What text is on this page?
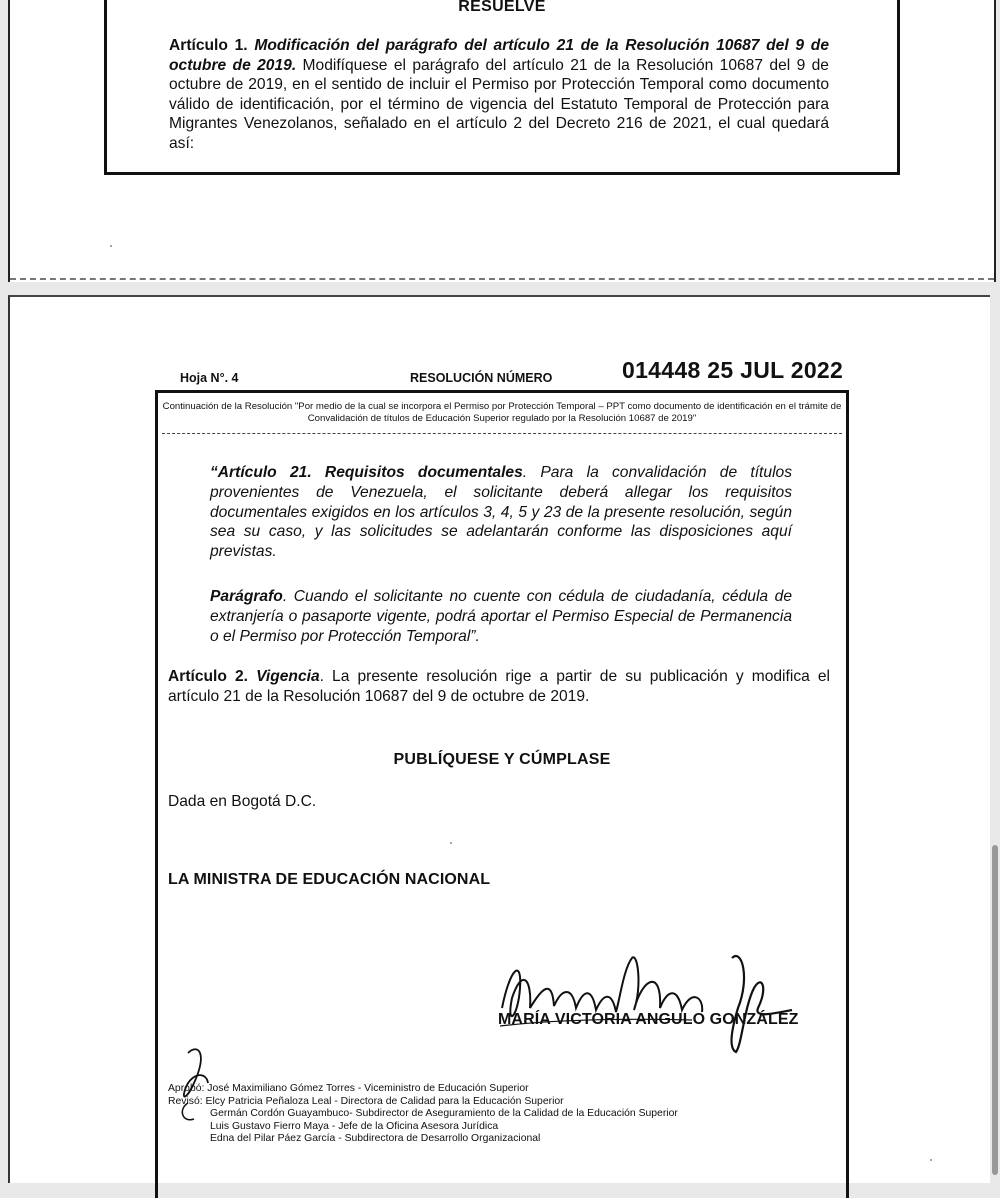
RESUELVE
Artículo 1. Modificación del parágrafo del artículo 21 de la Resolución 10687 del 9 de octubre de 2019. Modifíquese el parágrafo del artículo 21 de la Resolución 10687 del 9 de octubre de 2019, en el sentido de incluir el Permiso por Protección Temporal como documento válido de identificación, por el término de vigencia del Estatuto Temporal de Protección para Migrantes Venezolanos, señalado en el artículo 2 del Decreto 216 de 2021, el cual quedará así:
Hoja N°. 4	RESOLUCIÓN NÚMERO	014448 25 JUL 2022
Continuación de la Resolución "Por medio de la cual se incorpora el Permiso por Protección Temporal – PPT como documento de identificación en el trámite de Convalidación de títulos de Educación Superior regulado por la Resolución 10687 de 2019"
“Artículo 21. Requisitos documentales. Para la convalidación de títulos provenientes de Venezuela, el solicitante deberá allegar los requisitos documentales exigidos en los artículos 3, 4, 5 y 23 de la presente resolución, según sea su caso, y las solicitudes se adelantarán conforme las disposiciones aquí previstas.
Parágrafo. Cuando el solicitante no cuente con cédula de ciudadanía, cédula de extranjería o pasaporte vigente, podrá aportar el Permiso Especial de Permanencia o el Permiso por Protección Temporal”.
Artículo 2. Vigencia. La presente resolución rige a partir de su publicación y modifica el artículo 21 de la Resolución 10687 del 9 de octubre de 2019.
PUBLÍQUESE Y CÚMPLASE
Dada en Bogotá D.C.
LA MINISTRA DE EDUCACIÓN NACIONAL
MARÍA VICTORIA ANGULO GONZÁLEZ
Aprobó: José Maximiliano Gómez Torres - Viceministro de Educación Superior
Revisó: Elcy Patricia Peñaloza Leal - Directora de Calidad para la Educación Superior
Germán Cordón Guayambuco- Subdirector de Aseguramiento de la Calidad de la Educación Superior
Luis Gustavo Fierro Maya - Jefe de la Oficina Asesora Jurídica
Edna del Pilar Páez García - Subdirectora de Desarrollo Organizacional
